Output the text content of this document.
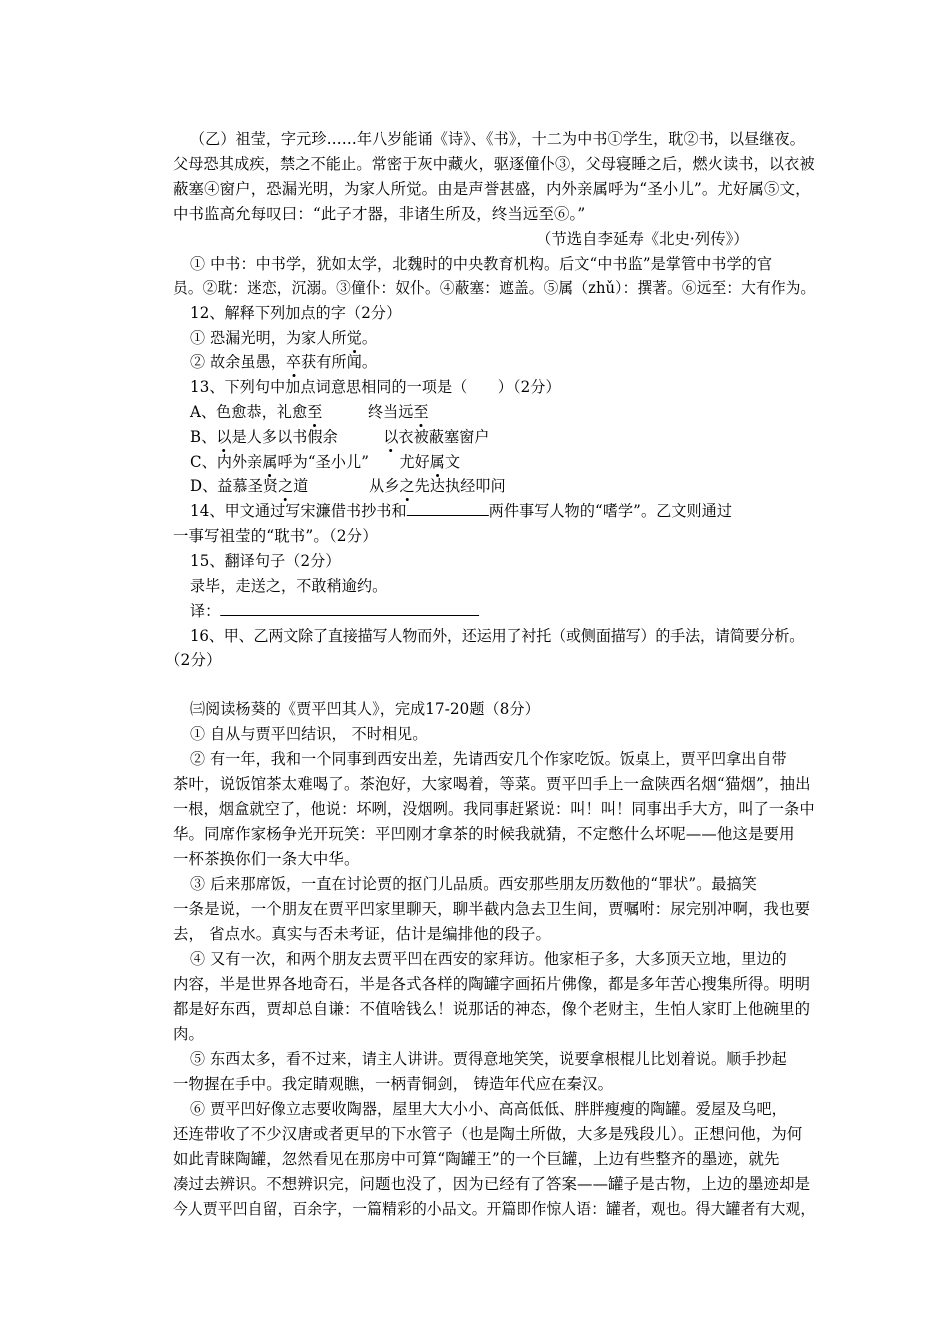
（乙）祖莹，字元珍……年八岁能诵《诗》、《书》，十二为中书①学生，耽②书，以昼继夜。
父母恐其成疾，禁之不能止。常密于灰中藏火，驱逐僮仆③，父母寝睡之后，燃火读书，以衣被
蔽塞④窗户，恐漏光明，为家人所觉。由是声誉甚盛，内外亲属呼为“圣小儿”。尤好属⑤文，
中书监高允每叹曰：“此子才器，非诸生所及，终当远至⑥。”
（节选自李延寿《北史·列传》）
① 中书：中书学，犹如太学，北魏时的中央教育机构。后文“中书监”是掌管中书学的官
员。②耽：迷恋，沉溺。③僮仆：奴仆。④蔽塞：遮盖。⑤属（zhǔ）：撰著。⑥远至：大有作为。
12、解释下列加点的字（2分）
① 恐漏光明，为家人所觉。
② 故余虽愚，卒获有所闻。
13、下列句中加点词意思相同的一项是（　　）（2分）
A、色愈恭，礼愈至　　　终当远至
B、以是人多以书假余　　　以衣被蔽塞窗户
C、内外亲属呼为“圣小儿”　　尤好属文
D、益慕圣贤之道　　　　从乡之先达执经叩问
14、甲文通过写宋濂借书抄书和	两件事写人物的“嗜学”。乙文则通过
一事写祖莹的“耽书”。（2分）
15、翻译句子（2分）
录毕，走送之，不敢稍逾约。
译：
16、甲、乙两文除了直接描写人物而外，还运用了衬托（或侧面描写）的手法，请简要分析。
（2分）
㈢阅读杨葵的《贾平凹其人》，完成17-20题（8分）
① 自从与贾平凹结识， 不时相见。
② 有一年，我和一个同事到西安出差，先请西安几个作家吃饭。饭桌上，贾平凹拿出自带
茶叶，说饭馆茶太难喝了。茶泡好，大家喝着，等菜。贾平凹手上一盒陕西名烟“猫烟”，抽出
一根，烟盒就空了，他说：坏咧，没烟咧。我同事赶紧说：叫！叫！同事出手大方，叫了一条中
华。同席作家杨争光开玩笑：平凹刚才拿茶的时候我就猜，不定憋什么坏呢——他这是要用
一杯茶换你们一条大中华。
③ 后来那席饭，一直在讨论贾的抠门儿品质。西安那些朋友历数他的“罪状”。最搞笑
一条是说，一个朋友在贾平凹家里聊天，聊半截内急去卫生间，贾嘱咐：尿完别冲啊，我也要
去， 省点水。真实与否未考证，估计是编排他的段子。
④ 又有一次，和两个朋友去贾平凹在西安的家拜访。他家柜子多，大多顶天立地，里边的
内容，半是世界各地奇石，半是各式各样的陶罐字画拓片佛像，都是多年苦心搜集所得。明明
都是好东西，贾却总自谦：不值啥钱么！说那话的神态，像个老财主，生怕人家盯上他碗里的
肉。
⑤ 东西太多，看不过来，请主人讲讲。贾得意地笑笑，说要拿根棍儿比划着说。顺手抄起
一物握在手中。我定睛观瞧，一柄青铜剑， 铸造年代应在秦汉。
⑥ 贾平凹好像立志要收陶器，屋里大大小小、高高低低、胖胖瘦瘦的陶罐。爱屋及乌吧，
还连带收了不少汉唐或者更早的下水管子（也是陶土所做，大多是残段儿）。正想问他，为何
如此青睐陶罐，忽然看见在那房中可算“陶罐王”的一个巨罐，上边有些整齐的墨迹，就先
凑过去辨识。不想辨识完，问题也没了，因为已经有了答案——罐子是古物，上边的墨迹却是
今人贾平凹自留，百余字，一篇精彩的小品文。开篇即作惊人语：罐者，观也。得大罐者有大观，
